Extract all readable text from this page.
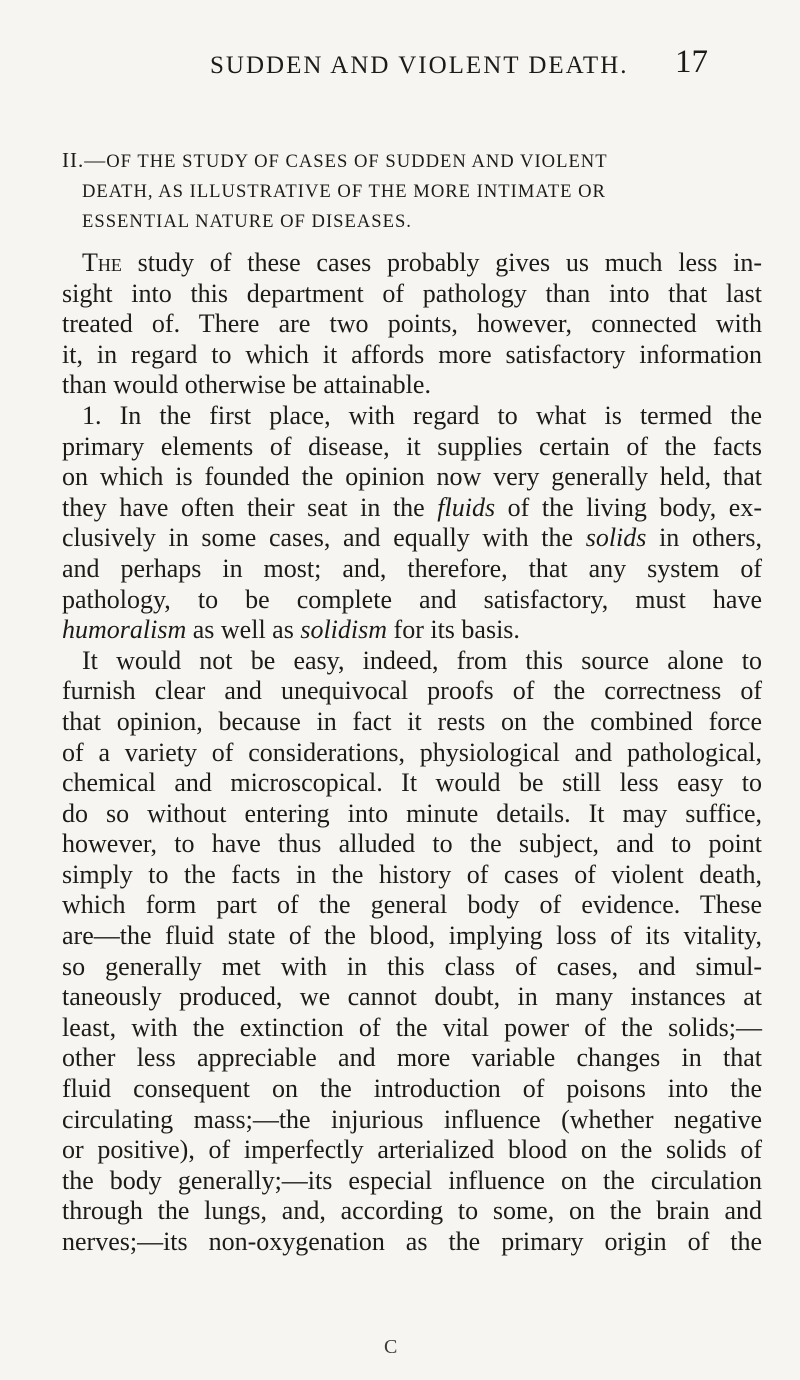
SUDDEN AND VIOLENT DEATH. 17
II.—OF THE STUDY OF CASES OF SUDDEN AND VIOLENT
DEATH, AS ILLUSTRATIVE OF THE MORE INTIMATE OR
ESSENTIAL NATURE OF DISEASES.
The study of these cases probably gives us much less in-
sight into this department of pathology than into that last
treated of. There are two points, however, connected with
it, in regard to which it affords more satisfactory information
than would otherwise be attainable.
1. In the first place, with regard to what is termed the
primary elements of disease, it supplies certain of the facts
on which is founded the opinion now very generally held, that
they have often their seat in the fluids of the living body, ex-
clusively in some cases, and equally with the solids in others,
and perhaps in most; and, therefore, that any system of
pathology, to be complete and satisfactory, must have
humoralism as well as solidism for its basis.
It would not be easy, indeed, from this source alone to
furnish clear and unequivocal proofs of the correctness of
that opinion, because in fact it rests on the combined force
of a variety of considerations, physiological and pathological,
chemical and microscopical. It would be still less easy to
do so without entering into minute details. It may suffice,
however, to have thus alluded to the subject, and to point
simply to the facts in the history of cases of violent death,
which form part of the general body of evidence. These
are—the fluid state of the blood, implying loss of its vitality,
so generally met with in this class of cases, and simul-
taneously produced, we cannot doubt, in many instances at
least, with the extinction of the vital power of the solids;—
other less appreciable and more variable changes in that
fluid consequent on the introduction of poisons into the
circulating mass;—the injurious influence (whether negative
or positive), of imperfectly arterialized blood on the solids of
the body generally;—its especial influence on the circulation
through the lungs, and, according to some, on the brain and
nerves;—its non-oxygenation as the primary origin of the
C
